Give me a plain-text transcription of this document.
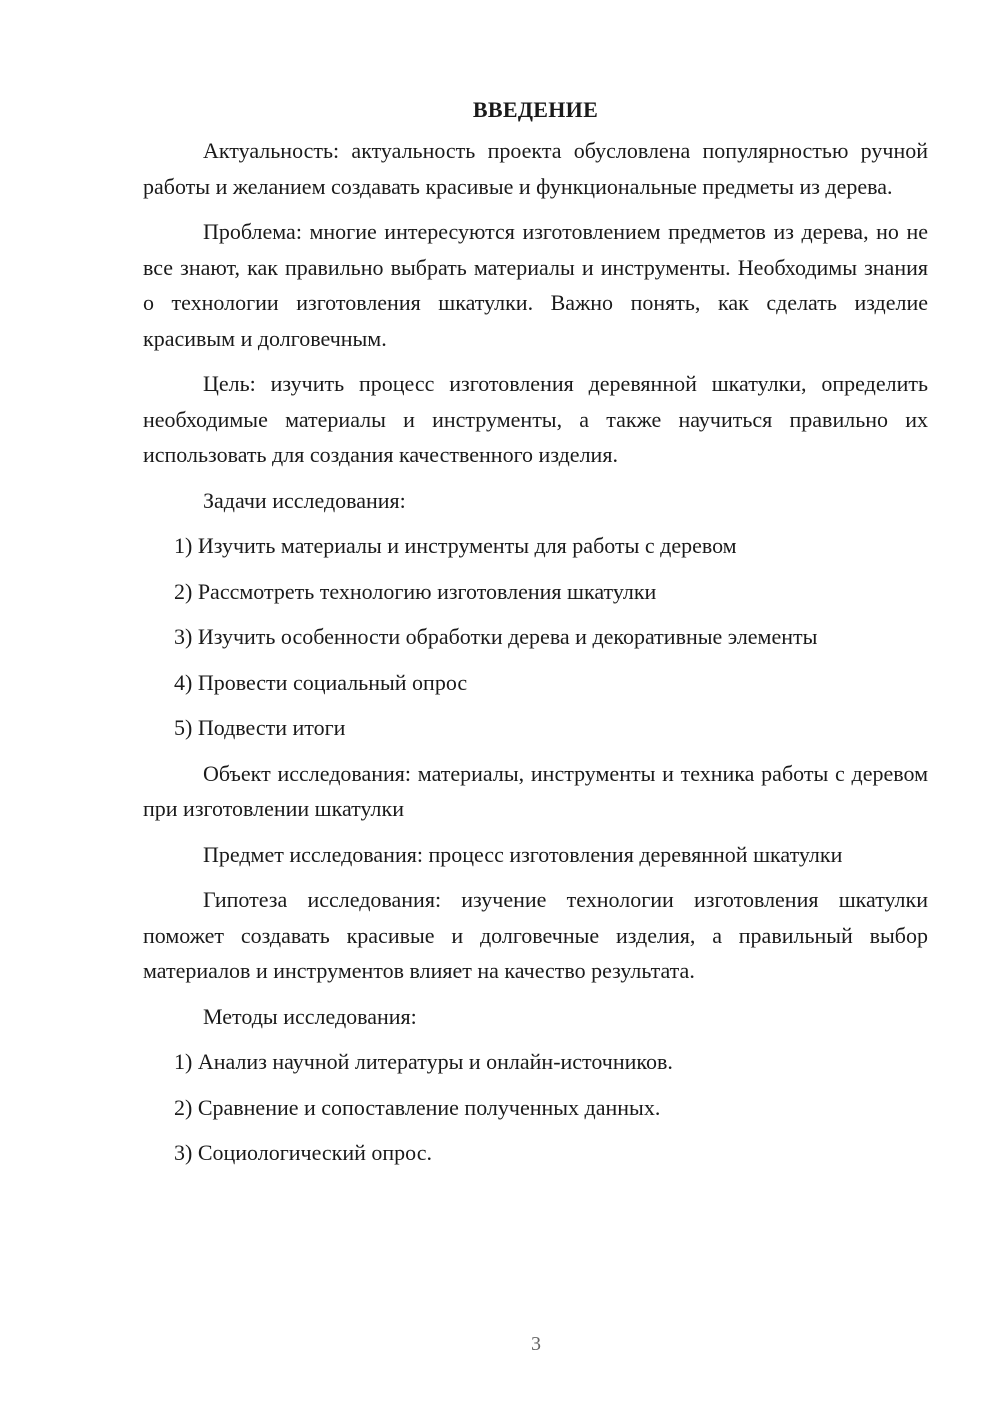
ВВЕДЕНИЕ

Актуальность: актуальность проекта обусловлена популярностью ручной работы и желанием создавать красивые и функциональные предметы из дерева.

Проблема: многие интересуются изготовлением предметов из дерева, но не все знают, как правильно выбрать материалы и инструменты. Необходимы знания о технологии изготовления шкатулки. Важно понять, как сделать изделие красивым и долговечным.

Цель: изучить процесс изготовления деревянной шкатулки, определить необходимые материалы и инструменты, а также научиться правильно их использовать для создания качественного изделия.

Задачи исследования:

1) Изучить материалы и инструменты для работы с деревом

2) Рассмотреть технологию изготовления шкатулки

3) Изучить особенности обработки дерева и декоративные элементы

4) Провести социальный опрос

5) Подвести итоги

Объект исследования: материалы, инструменты и техника работы с деревом при изготовлении шкатулки

Предмет исследования: процесс изготовления деревянной шкатулки

Гипотеза исследования: изучение технологии изготовления шкатулки поможет создавать красивые и долговечные изделия, а правильный выбор материалов и инструментов влияет на качество результата.

Методы исследования:

1) Анализ научной литературы и онлайн-источников.

2) Сравнение и сопоставление полученных данных.

3) Социологический опрос.

3
